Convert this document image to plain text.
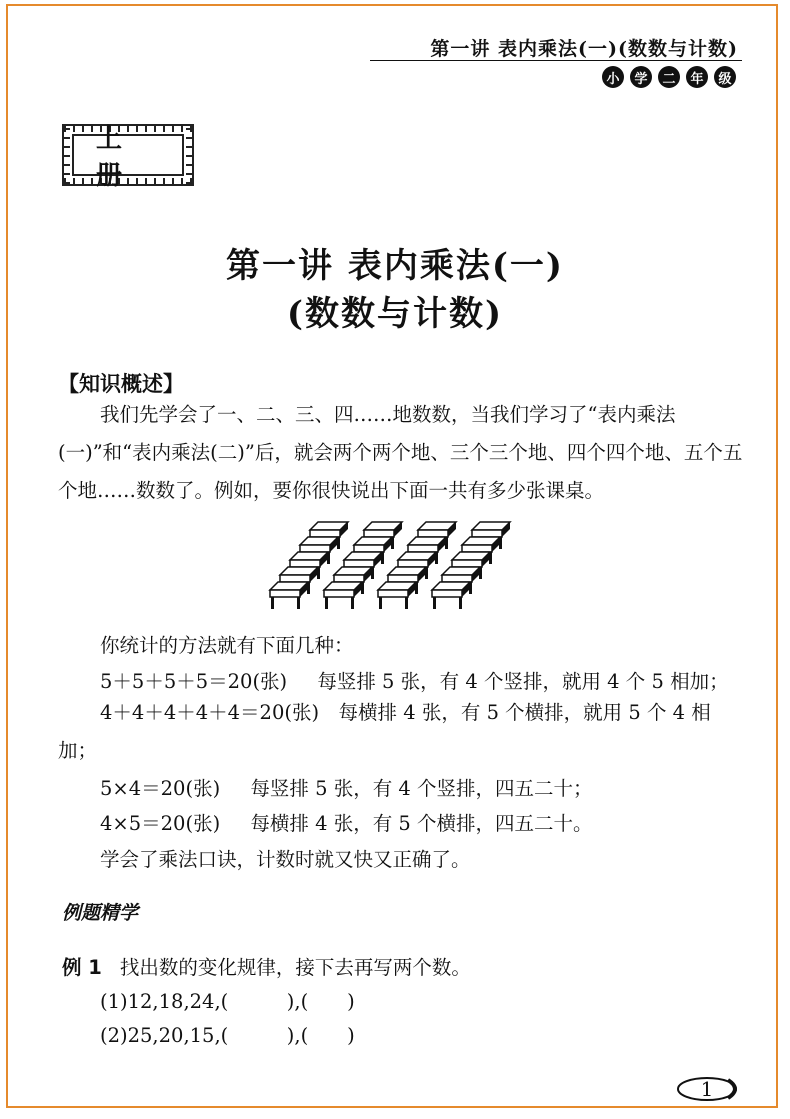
第一讲 表内乘法(一)(数数与计数)
小	学	二	年	级
上册
第一讲 表内乘法(一)
(数数与计数)
【知识概述】
我们先学会了一、二、三、四……地数数，当我们学习了“表内乘法(一)”和“表内乘法(二)”后，就会两个两个地、三个三个地、四个四个地、五个五个地……数数了。例如，要你很快说出下面一共有多少张课桌。
你统计的方法就有下面几种：
5＋5＋5＋5＝20(张) 每竖排 5 张，有 4 个竖排，就用 4 个 5 相加；
4＋4＋4＋4＋4＝20(张)　每横排 4 张，有 5 个横排，就用 5 个 4 相加；
5×4＝20(张) 每竖排 5 张，有 4 个竖排，四五二十；
4×5＝20(张) 每横排 4 张，有 5 个横排，四五二十。
学会了乘法口诀，计数时就又快又正确了。
例题精学
例 1 找出数的变化规律，接下去再写两个数。
(1)12,18,24,(　　　),(　　)
(2)25,20,15,(　　　),(　　)
1
